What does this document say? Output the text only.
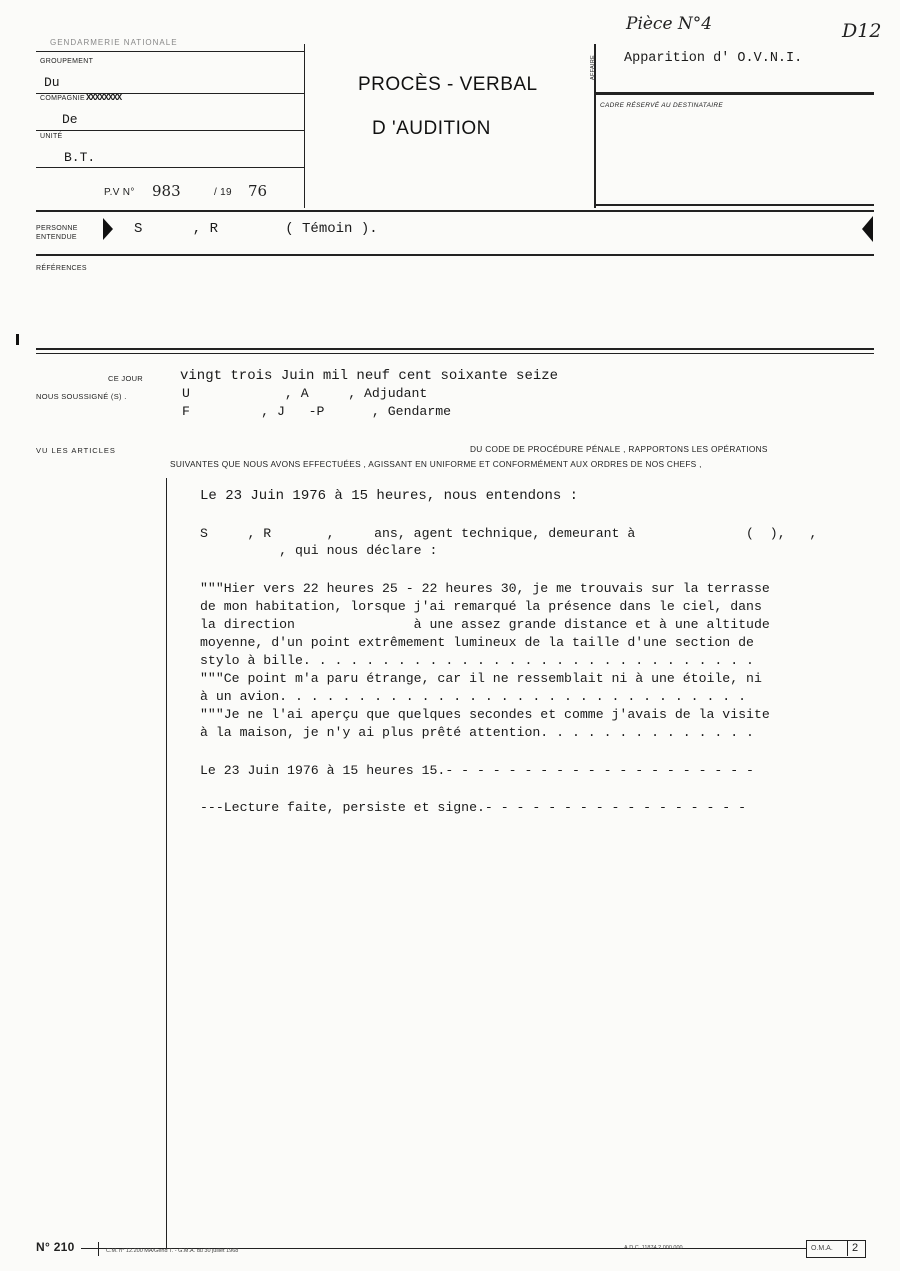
Pièce N°4	D12
GENDARMERIE NATIONALE
GROUPEMENT
Du
COMPAGNIE XXXXXXXX
De
UNITÉ
B.T.
P.V N° 983	/ 19 76
PROCÈS - VERBAL
D 'AUDITION
AFFAIRE Apparition d' O.V.N.I.
CADRE RÉSERVÉ AU DESTINATAIRE
PERSONNE
ENTENDUE
S      , R        ( Témoin ).
RÉFÉRENCES
CE JOUR	vingt trois Juin mil neuf cent soixante seize
NOUS SOUSSIGNÉ (S) .	U            , A     , Adjudant
F         , J   -P      , Gendarme
VU LES ARTICLES	DU CODE DE PROCÉDURE PÉNALE , RAPPORTONS LES OPÉRATIONS
SUIVANTES QUE NOUS AVONS EFFECTUÉES , AGISSANT EN UNIFORME ET CONFORMÉMENT AUX ORDRES DE NOS CHEFS ,
Le 23 Juin 1976 à 15 heures, nous entendons :
S     , R       ,     ans, agent technique, demeurant à              (  ),   ,
, qui nous déclare :
"""Hier vers 22 heures 25 - 22 heures 30, je me trouvais sur la terrasse
de mon habitation, lorsque j'ai remarqué la présence dans le ciel, dans
la direction               à une assez grande distance et à une altitude
moyenne, d'un point extrêmement lumineux de la taille d'une section de
stylo à bille. . . . . . . . . . . . . . . . . . . . . . . . . . . . .
"""Ce point m'a paru étrange, car il ne ressemblait ni à une étoile, ni
à un avion. . . . . . . . . . . . . . . . . . . . . . . . . . . . . .
"""Je ne l'ai aperçu que quelques secondes et comme j'avais de la visite
à la maison, je n'y ai plus prêté attention. . . . . . . . . . . . . .
Le 23 Juin 1976 à 15 heures 15.- - - - - - - - - - - - - - - - - - - -
---Lecture faite, persiste et signe.- - - - - - - - - - - - - - - - -
N° 210	C.M. n° 12.200 MA/Gend T. - G.M.A. du 30 juillet 1968	A.D.C. 11874 2 000 000	O.M.A. 2
